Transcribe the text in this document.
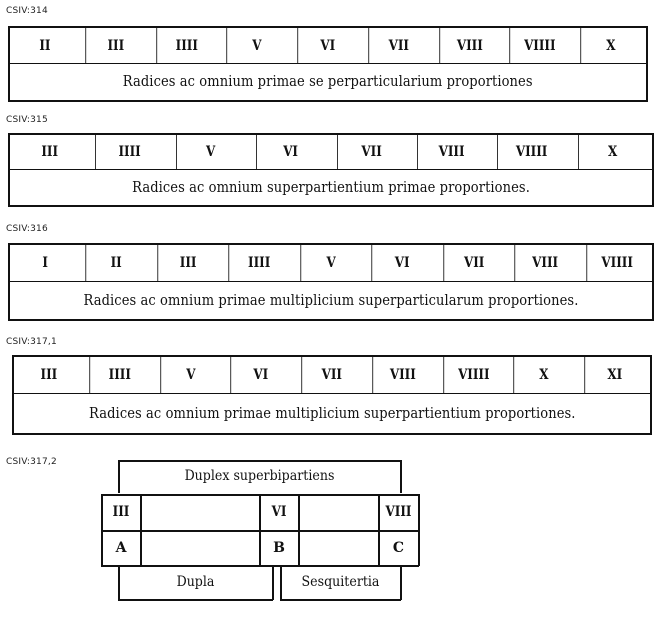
CSIV:314
II	III	IIII	V	VI	VII	VIII	VIIII	X
Radices ac omnium primae se perparticularium proportiones
CSIV:315
III	IIII	V	VI	VII	VIII	VIIII	X
Radices ac omnium superpartientium primae proportiones.
CSIV:316
I	II	III	IIII	V	VI	VII	VIII	VIIII
Radices ac omnium primae multiplicium superparticularum proportiones.
CSIV:317,1
III	IIII	V	VI	VII	VIII	VIIII	X	XI
Radices ac omnium primae multiplicium superpartientium proportiones.
CSIV:317,2
Duplex superbipartiens
III	VI	VIII
A	B	C
Dupla	Sesquitertia
